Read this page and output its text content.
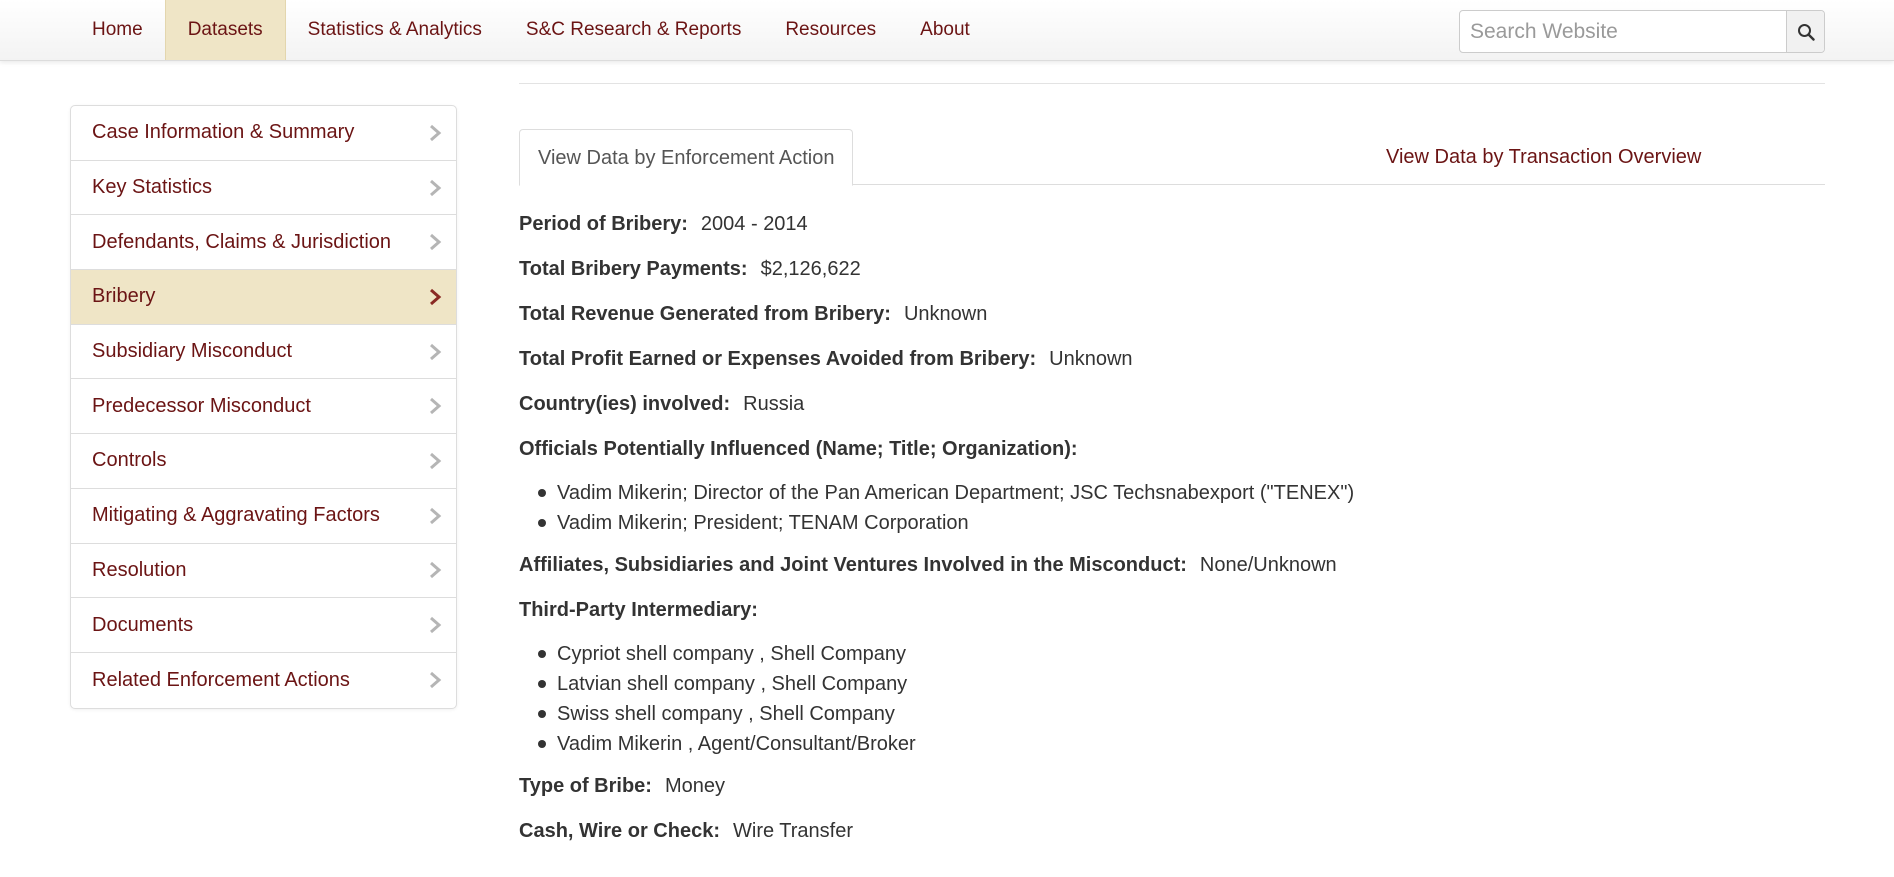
Home	Datasets	Statistics & Analytics	S&C Research & Reports	Resources	About
Search Website
Case Information & Summary
Key Statistics
Defendants, Claims & Jurisdiction
Bribery
Subsidiary Misconduct
Predecessor Misconduct
Controls
Mitigating & Aggravating Factors
Resolution
Documents
Related Enforcement Actions
View Data by Enforcement Action	View Data by Transaction Overview
Period of Bribery: 2004 - 2014
Total Bribery Payments: $2,126,622
Total Revenue Generated from Bribery: Unknown
Total Profit Earned or Expenses Avoided from Bribery: Unknown
Country(ies) involved: Russia
Officials Potentially Influenced (Name; Title; Organization):
Vadim Mikerin; Director of the Pan American Department; JSC Techsnabexport ("TENEX")
Vadim Mikerin; President; TENAM Corporation
Affiliates, Subsidiaries and Joint Ventures Involved in the Misconduct: None/Unknown
Third-Party Intermediary:
Cypriot shell company , Shell Company
Latvian shell company , Shell Company
Swiss shell company , Shell Company
Vadim Mikerin , Agent/Consultant/Broker
Type of Bribe: Money
Cash, Wire or Check: Wire Transfer
